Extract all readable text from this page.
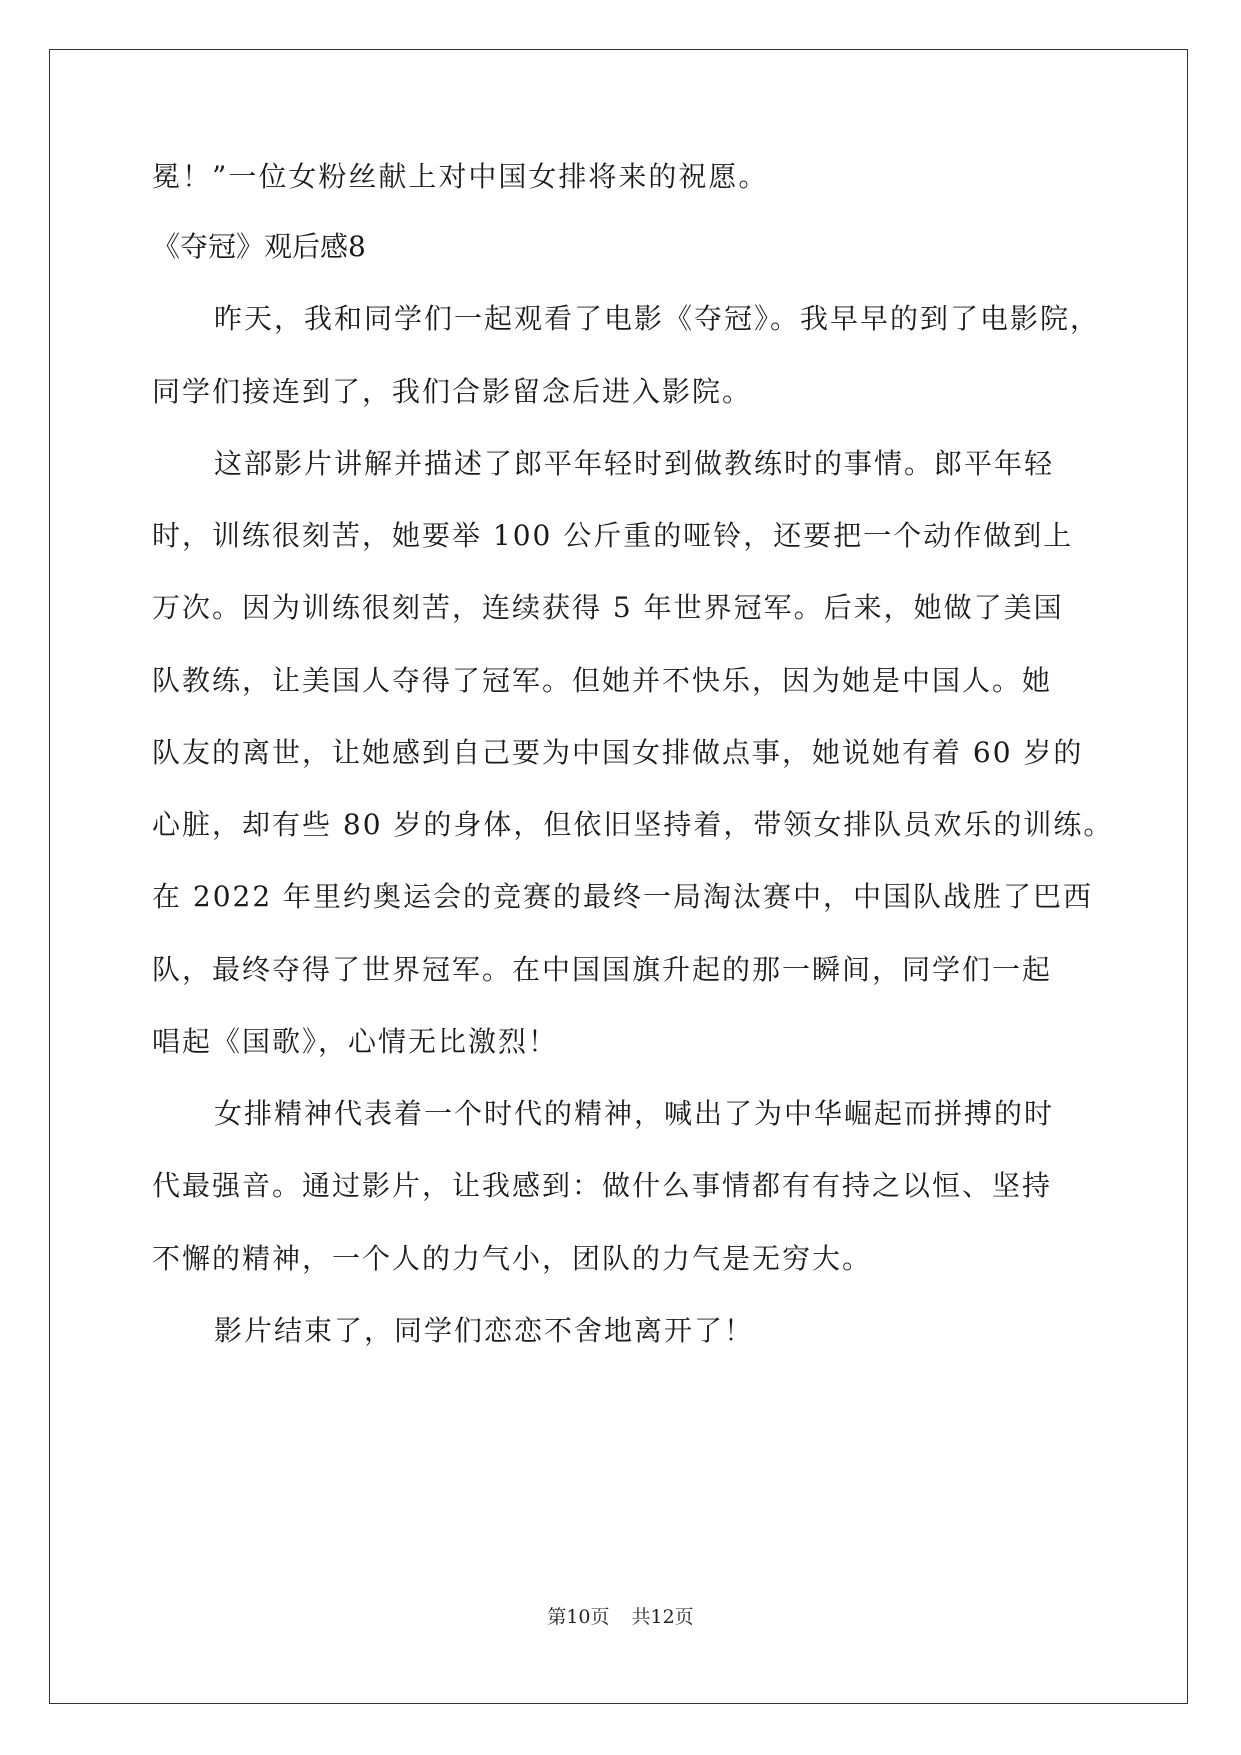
冕！”一位女粉丝献上对中国女排将来的祝愿。
《夺冠》观后感8
昨天，我和同学们一起观看了电影《夺冠》。我早早的到了电影院，
同学们接连到了，我们合影留念后进入影院。
这部影片讲解并描述了郎平年轻时到做教练时的事情。郎平年轻
时，训练很刻苦，她要举 100 公斤重的哑铃，还要把一个动作做到上
万次。因为训练很刻苦，连续获得 5 年世界冠军。后来，她做了美国
队教练，让美国人夺得了冠军。但她并不快乐，因为她是中国人。她
队友的离世，让她感到自己要为中国女排做点事，她说她有着 60 岁的
心脏，却有些 80 岁的身体，但依旧坚持着，带领女排队员欢乐的训练。
在 2022 年里约奥运会的竞赛的最终一局淘汰赛中，中国队战胜了巴西
队，最终夺得了世界冠军。在中国国旗升起的那一瞬间，同学们一起
唱起《国歌》，心情无比激烈！
女排精神代表着一个时代的精神，喊出了为中华崛起而拼搏的时
代最强音。通过影片，让我感到：做什么事情都有有持之以恒、坚持
不懈的精神，一个人的力气小，团队的力气是无穷大。
影片结束了，同学们恋恋不舍地离开了！
第10页 共12页
